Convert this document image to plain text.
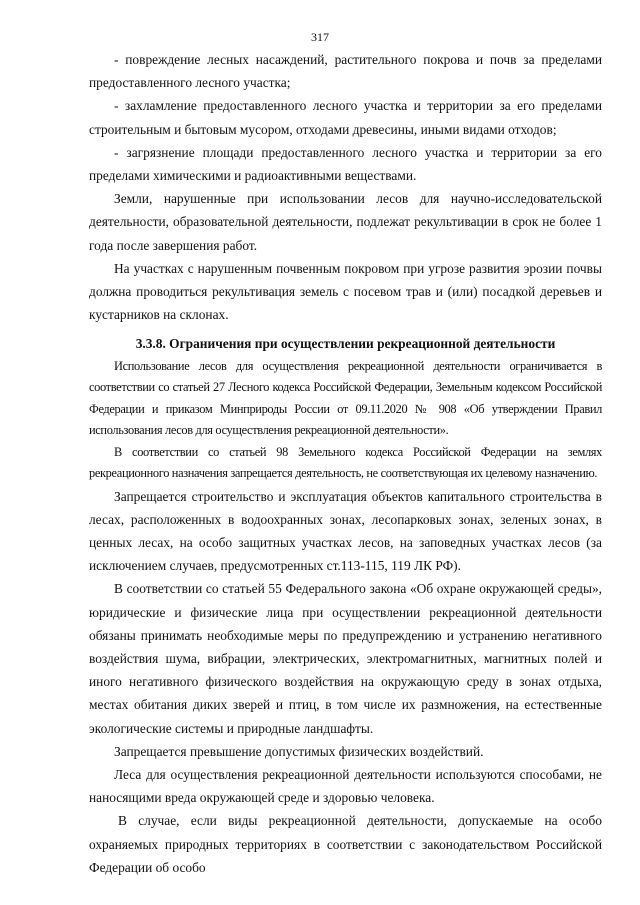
317

- повреждение лесных насаждений, растительного покрова и почв за пределами предоставленного лесного участка;

- захламление предоставленного лесного участка и территории за его пределами строительным и бытовым мусором, отходами древесины, иными видами отходов;

- загрязнение площади предоставленного лесного участка и территории за его пределами химическими и радиоактивными веществами.

Земли, нарушенные при использовании лесов для научно-исследовательской деятельности, образовательной деятельности, подлежат рекультивации в срок не более 1 года после завершения работ.

На участках с нарушенным почвенным покровом при угрозе развития эрозии почвы должна проводиться рекультивация земель с посевом трав и (или) посадкой деревьев и кустарников на склонах.

3.3.8. Ограничения при осуществлении рекреационной деятельности

Использование лесов для осуществления рекреационной деятельности ограничивается в соответствии со статьей 27 Лесного кодекса Российской Федерации, Земельным кодексом Российской Федерации и приказом Минприроды России от 09.11.2020 № 908 «Об утверждении Правил использования лесов для осуществления рекреационной деятельности».

В соответствии со статьей 98 Земельного кодекса Российской Федерации на землях рекреационного назначения запрещается деятельность, не соответствующая их целевому назначению.

Запрещается строительство и эксплуатация объектов капитального строительства в лесах, расположенных в водоохранных зонах, лесопарковых зонах, зеленых зонах, в ценных лесах, на особо защитных участках лесов, на заповедных участках лесов (за исключением случаев, предусмотренных ст.113-115, 119 ЛК РФ).

В соответствии со статьей 55 Федерального закона «Об охране окружающей среды», юридические и физические лица при осуществлении рекреационной деятельности обязаны принимать необходимые меры по предупреждению и устранению негативного воздействия шума, вибрации, электрических, электромагнитных, магнитных полей и иного негативного физического воздействия на окружающую среду в зонах отдыха, местах обитания диких зверей и птиц, в том числе их размножения, на естественные экологические системы и природные ландшафты.

Запрещается превышение допустимых физических воздействий.

Леса для осуществления рекреационной деятельности используются способами, не наносящими вреда окружающей среде и здоровью человека.

В случае, если виды рекреационной деятельности, допускаемые на особо охраняемых природных территориях в соответствии с законодательством Российской Федерации об особо
